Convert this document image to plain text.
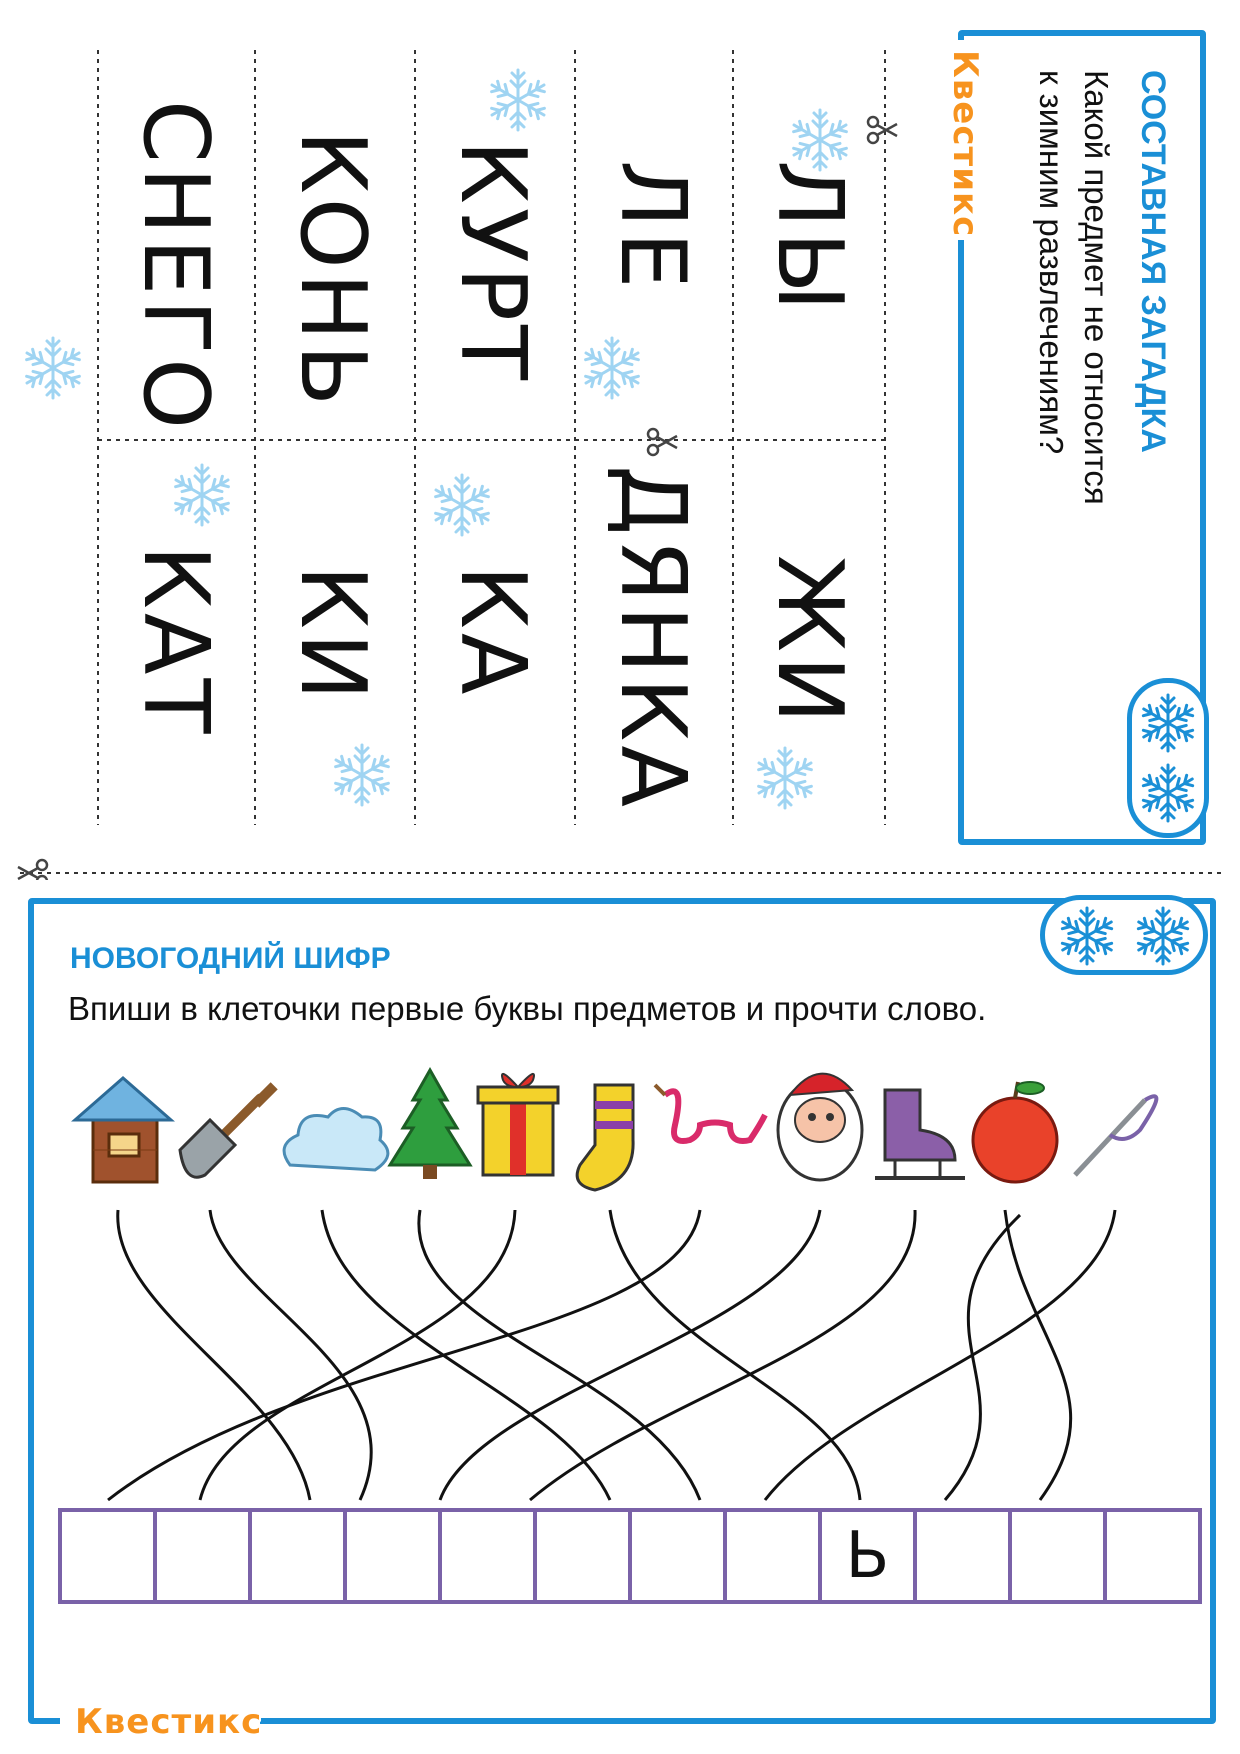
ЛЫ
ЛЕ
КУРТ
КОНЬ
СНЕГО
ЖИ
ДЯНКА
КА
КИ
КАТ
Квестикс	СОСТАВНАЯ ЗАГАДКА
Какой предмет не относится
к зимним развлечениям?
Квестикс
НОВОГОДНИЙ ШИФР
Впиши в клеточки первые буквы предметов и прочти слово.
Ь
